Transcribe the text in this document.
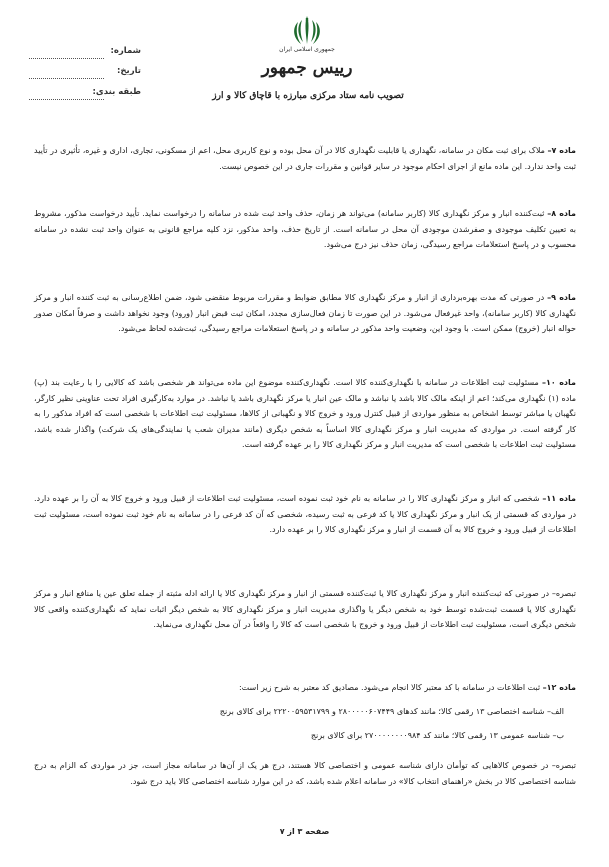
جمهوری اسلامی ایران
رییس جمهور
تصویب نامه ستاد مرکزی مبارزه با قاچاق کالا و ارز
شماره:
تاریخ:
طبقه بندی:
ماده ۷– ملاک برای ثبت مکان در سامانه، نگهداری یا قابلیت نگهداری کالا در آن محل بوده و نوع کاربری محل، اعم از مسکونی، تجاری، اداری و غیره، تأثیری در تأیید ثبت واحد ندارد. این ماده مانع از اجرای احکام موجود در سایر قوانین و مقررات جاری در این خصوص نیست.
ماده ۸– ثبت‌کننده انبار و مرکز نگهداری کالا (کاربر سامانه) می‌تواند هر زمان، حذف واحد ثبت شده در سامانه را درخواست نماید. تأیید درخواست مذکور، مشروط به تعیین تکلیف موجودی و صفرشدن موجودی آن محل در سامانه است. از تاریخ حذف، واحد مذکور، نزد کلیه مراجع قانونی به عنوان واحد ثبت نشده در سامانه محسوب و در پاسخ استعلامات مراجع رسیدگی، زمان حذف نیز درج می‌شود.
ماده ۹– در صورتی که مدت بهره‌برداری از انبار و مرکز نگهداری کالا مطابق ضوابط و مقررات مربوط منقضی شود، ضمن اطلاع‌رسانی به ثبت کننده انبار و مرکز نگهداری کالا (کاربر سامانه)، واحد غیرفعال می‌شود. در این صورت تا زمان فعال‌سازی مجدد، امکان ثبت قبض انبار (ورود) وجود نخواهد داشت و صرفاً امکان صدور حواله انبار (خروج) ممکن است. با وجود این، وضعیت واحد مذکور در سامانه و در پاسخ استعلامات مراجع رسیدگی، ثبت‌شده لحاظ می‌شود.
ماده ۱۰– مسئولیت ثبت اطلاعات در سامانه با نگهداری‌کننده کالا است. نگهداری‌کننده موضوع این ماده می‌تواند هر شخصی باشد که کالایی را با رعایت بند (پ) ماده (۱) نگهداری می‌کند؛ اعم از اینکه مالک کالا باشد یا نباشد و مالک عین انبار یا مرکز نگهداری باشد یا نباشد. در موارد به‌کارگیری افراد تحت عناوینی نظیر کارگر، نگهبان یا مباشر توسط اشخاص به منظور مواردی از قبیل کنترل ورود و خروج کالا و نگهبانی از کالاها، مسئولیت ثبت اطلاعات با شخصی است که افراد مذکور را به کار گرفته است. در مواردی که مدیریت انبار و مرکز نگهداری کالا اساساً به شخص دیگری (مانند مدیران شعب یا نمایندگی‌های یک شرکت) واگذار شده باشد، مسئولیت ثبت اطلاعات با شخصی است که مدیریت انبار و مرکز نگهداری کالا را بر عهده گرفته است.
ماده ۱۱– شخصی که انبار و مرکز نگهداری کالا را در سامانه به نام خود ثبت نموده است، مسئولیت ثبت اطلاعات از قبیل ورود و خروج کالا به آن را بر عهده دارد. در مواردی که قسمتی از یک انبار و مرکز نگهداری کالا یا کد فرعی به ثبت رسیده، شخصی که آن کد فرعی را در سامانه به نام خود ثبت نموده است، مسئولیت ثبت اطلاعات از قبیل ورود و خروج کالا به آن قسمت از انبار و مرکز نگهداری کالا را بر عهده دارد.
تبصره– در صورتی که ثبت‌کننده انبار و مرکز نگهداری کالا یا ثبت‌کننده قسمتی از انبار و مرکز نگهداری کالا یا ارائه ادله مثبته از جمله تعلق عین یا منافع انبار و مرکز نگهداری کالا یا قسمت ثبت‌شده توسط خود به شخص دیگر یا واگذاری مدیریت انبار و مرکز نگهداری کالا به شخص دیگر اثبات نماید که نگهداری‌کننده واقعی کالا شخص دیگری است، مسئولیت ثبت اطلاعات از قبیل ورود و خروج با شخصی است که کالا را واقعاً در آن محل نگهداری می‌نماید.
ماده ۱۲– ثبت اطلاعات در سامانه با کد معتبر کالا انجام می‌شود. مصادیق کد معتبر به شرح زیر است:
الف– شناسه اختصاصی ۱۳ رقمی کالا؛ مانند کدهای ۲۸۰۰۰۰۰۶۰۷۴۴۹ و ۲۲۲۰۰۵۹۵۳۱۷۹۹ برای کالای برنج
ب– شناسه عمومی ۱۳ رقمی کالا؛ مانند کد ۲۷۰۰۰۰۰۰۰۰۹۸۴ برای کالای برنج
تبصره– در خصوص کالاهایی که توأمان دارای شناسه عمومی و اختصاصی کالا هستند، درج هر یک از آن‌ها در سامانه مجاز است، جز در مواردی که الزام به درج شناسه اختصاصی کالا در بخش «راهنمای انتخاب کالا» در سامانه اعلام شده باشد، که در این موارد شناسه اختصاصی کالا باید درج شود.
صفحه ۳ از ۷
